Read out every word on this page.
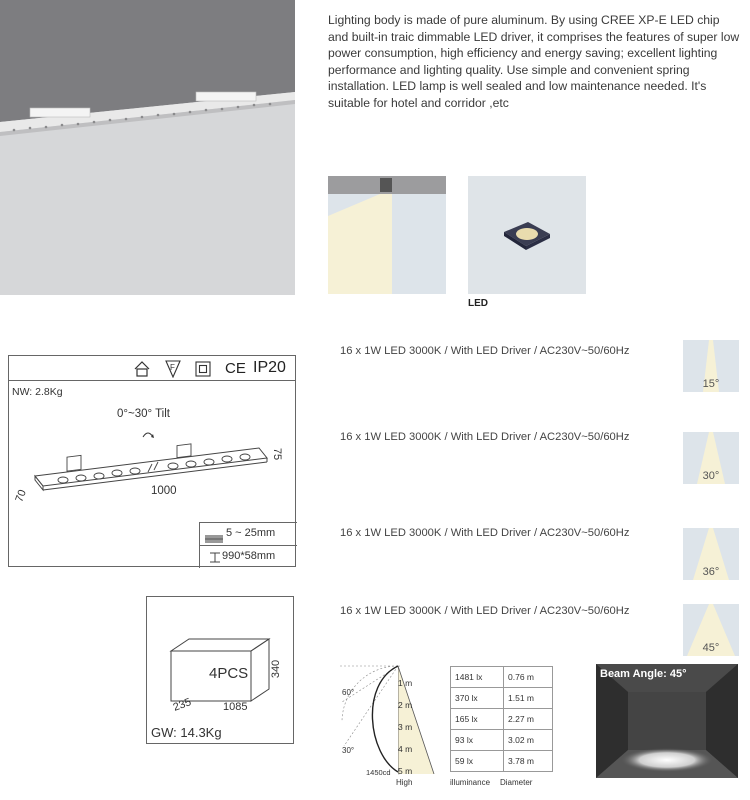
Lighting body is made of pure aluminum. By using CREE XP-E LED chip and built-in traic dimmable LED driver, it comprises the features of super low power consumption, high efficiency and energy saving; excellent lighting performance and lighting quality. Use simple and convenient spring installation. LED lamp is well sealed and low maintenance needed. It's suitable for hotel and corridor ,etc
LED
F	CE IP20
NW: 2.8Kg
0°~30° Tilt
1000
70
75
5 ~ 25mm
990*58mm
16 x 1W LED 3000K / With LED Driver / AC230V~50/60Hz
16 x 1W LED 3000K / With LED Driver / AC230V~50/60Hz
16 x 1W LED 3000K / With LED Driver / AC230V~50/60Hz
16 x 1W LED 3000K / With LED Driver / AC230V~50/60Hz
15°
30°
36°
45°
4PCS 340
235	1085
GW: 14.3Kg
60°
30°
1450cd
High
1 m
2 m
3 m
4 m
5 m
1481 lx	0.76 m
370 lx	1.51 m
165 lx	2.27 m
93 lx	3.02 m
59 lx	3.78 m
illuminance Diameter
Beam Angle: 45°
